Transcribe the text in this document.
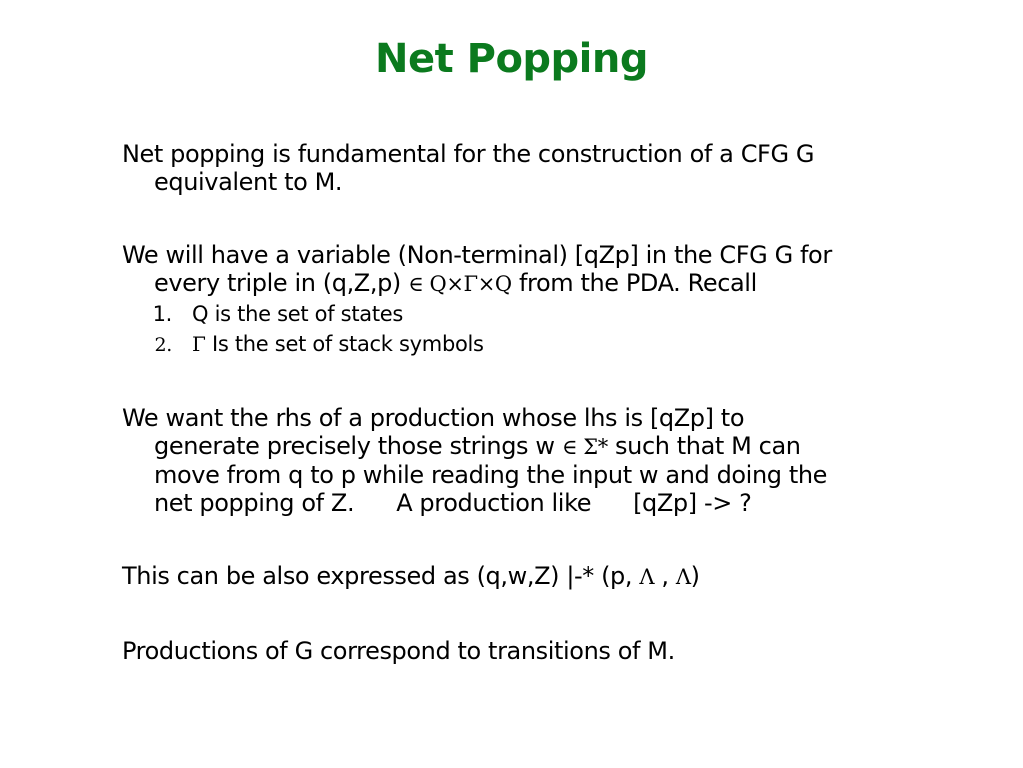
Net Popping
Net popping is fundamental for the construction of a CFG G
equivalent to M.
We will have a variable (Non-terminal) [qZp] in the CFG G for
every triple in (q,Z,p) ∈ Q×Γ×Q from the PDA. Recall
1. Q is the set of states
2. Γ Is the set of stack symbols
We want the rhs of a production whose lhs is [qZp] to
generate precisely those strings w ∈ Σ* such that M can
move from q to p while reading the input w and doing the
net popping of Z. A production like [qZp] -> ?
This can be also expressed as (q,w,Z) |-* (p, Λ , Λ)
Productions of G correspond to transitions of M.
